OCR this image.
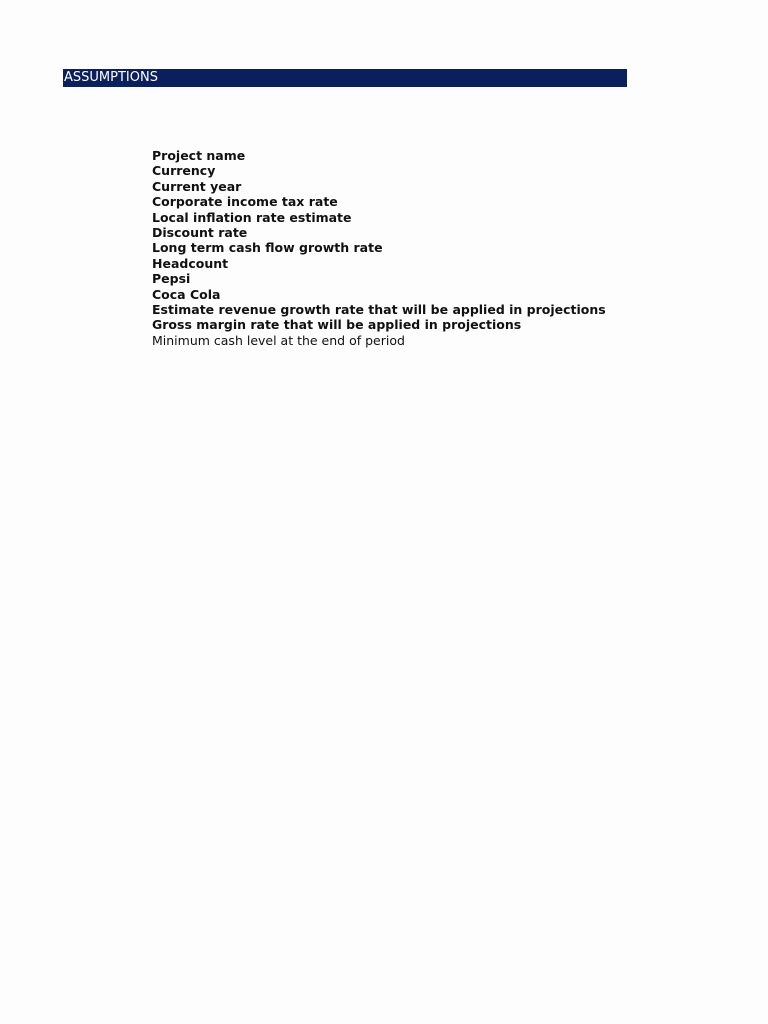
ASSUMPTIONS
Project name
Currency
Current year
Corporate income tax rate
Local inflation rate estimate
Discount rate
Long term cash flow growth rate
Headcount
Pepsi
Coca Cola
Estimate revenue growth rate that will be applied in projections
Gross margin rate that will be applied in projections
Minimum cash level at the end of period
